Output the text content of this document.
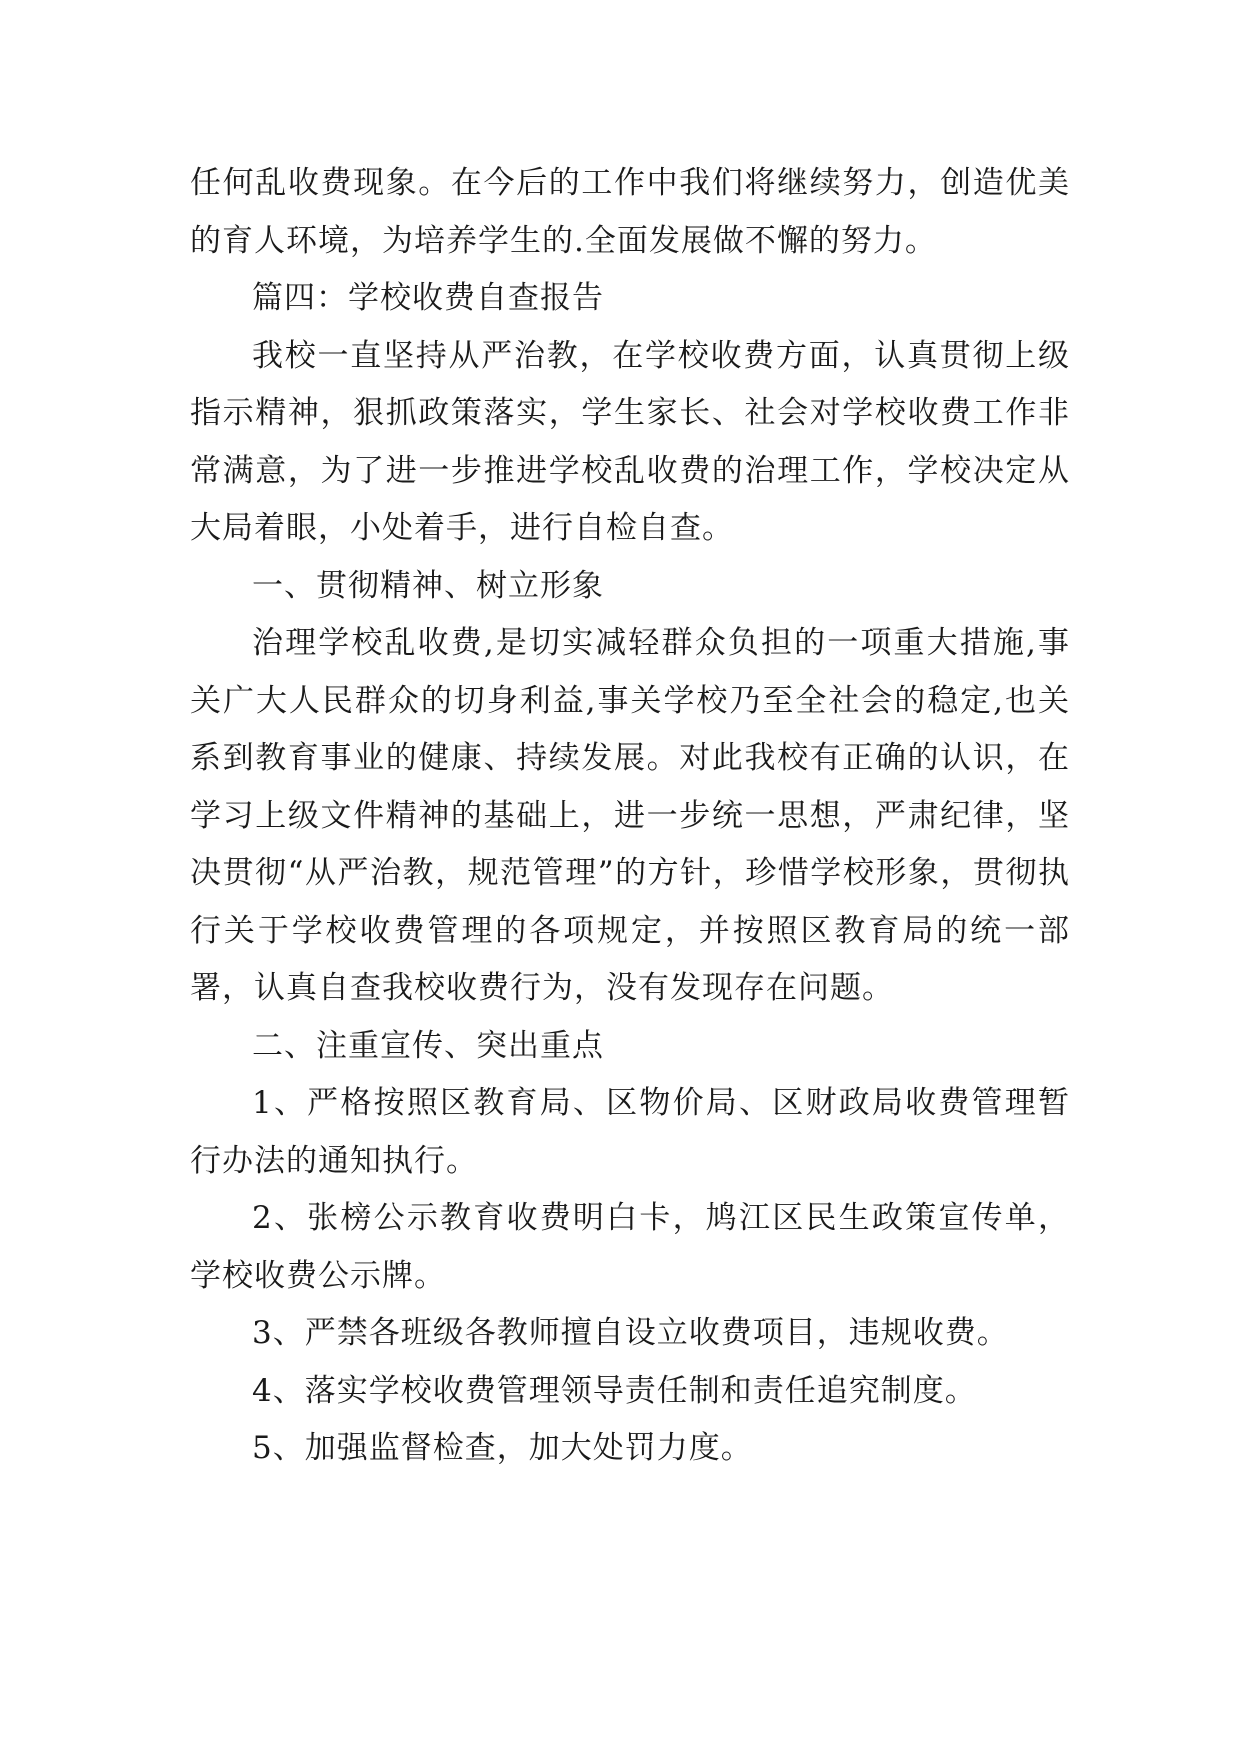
任何乱收费现象。在今后的工作中我们将继续努力，创造优美的育人环境，为培养学生的.全面发展做不懈的努力。

篇四：学校收费自查报告

我校一直坚持从严治教，在学校收费方面，认真贯彻上级指示精神，狠抓政策落实，学生家长、社会对学校收费工作非常满意，为了进一步推进学校乱收费的治理工作，学校决定从大局着眼，小处着手，进行自检自查。

一、贯彻精神、树立形象

治理学校乱收费,是切实减轻群众负担的一项重大措施,事关广大人民群众的切身利益,事关学校乃至全社会的稳定,也关系到教育事业的健康、持续发展。对此我校有正确的认识，在学习上级文件精神的基础上，进一步统一思想，严肃纪律，坚决贯彻“从严治教，规范管理”的方针，珍惜学校形象，贯彻执行关于学校收费管理的各项规定，并按照区教育局的统一部署，认真自查我校收费行为，没有发现存在问题。

二、注重宣传、突出重点

1、严格按照区教育局、区物价局、区财政局收费管理暂行办法的通知执行。

2、张榜公示教育收费明白卡，鸠江区民生政策宣传单，学校收费公示牌。

3、严禁各班级各教师擅自设立收费项目，违规收费。

4、落实学校收费管理领导责任制和责任追究制度。

5、加强监督检查，加大处罚力度。
